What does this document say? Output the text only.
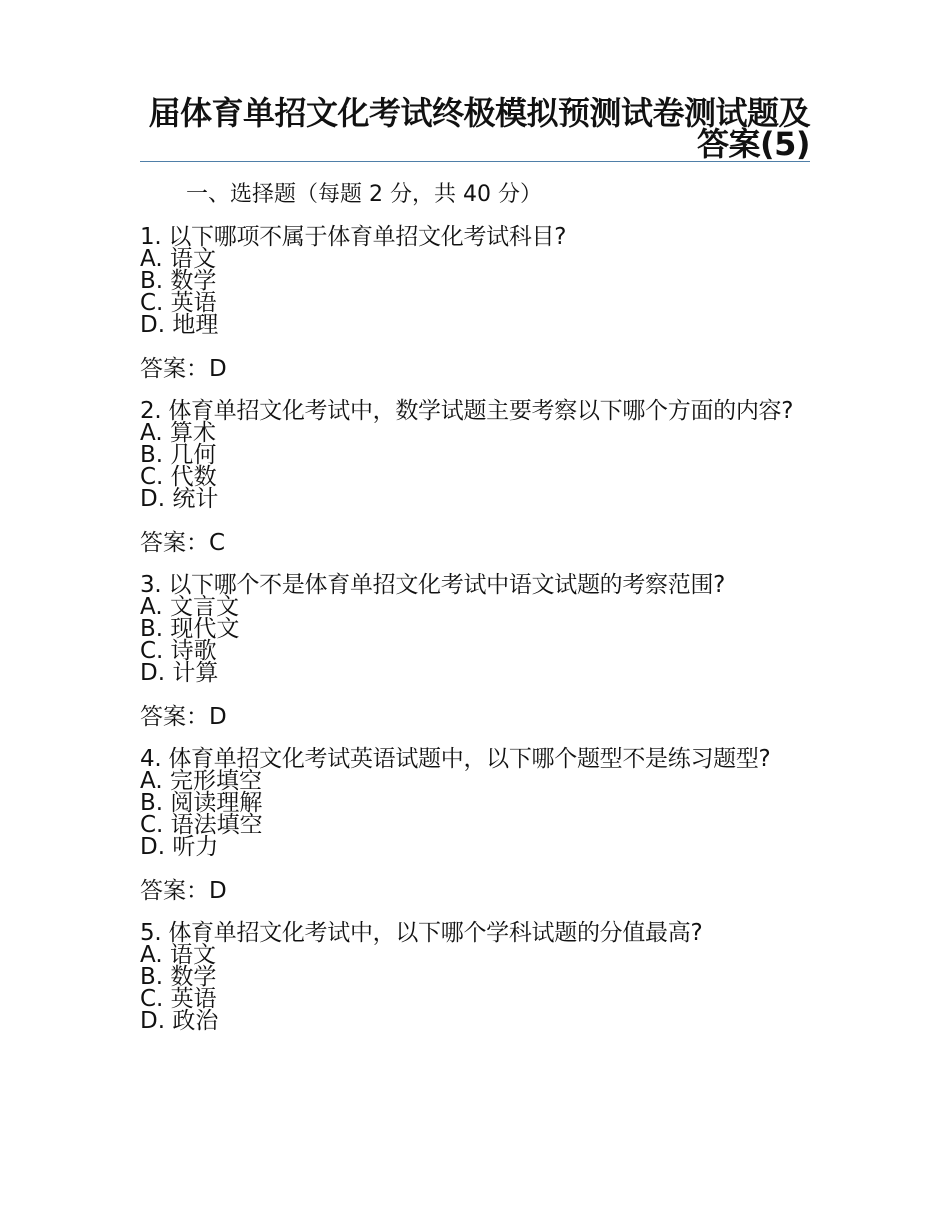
届体育单招文化考试终极模拟预测试卷测试题及答案(5)
一、选择题（每题 2 分，共 40 分）

1. 以下哪项不属于体育单招文化考试科目?

A. 语文
B. 数学
C. 英语
D. 地理

答案：D

2. 体育单招文化考试中，数学试题主要考察以下哪个方面的内容?

A. 算术
B. 几何
C. 代数
D. 统计

答案：C

3. 以下哪个不是体育单招文化考试中语文试题的考察范围?

A. 文言文
B. 现代文
C. 诗歌
D. 计算

答案：D

4. 体育单招文化考试英语试题中，以下哪个题型不是练习题型?

A. 完形填空
B. 阅读理解
C. 语法填空
D. 听力

答案：D

5. 体育单招文化考试中，以下哪个学科试题的分值最高?

A. 语文
B. 数学
C. 英语
D. 政治
